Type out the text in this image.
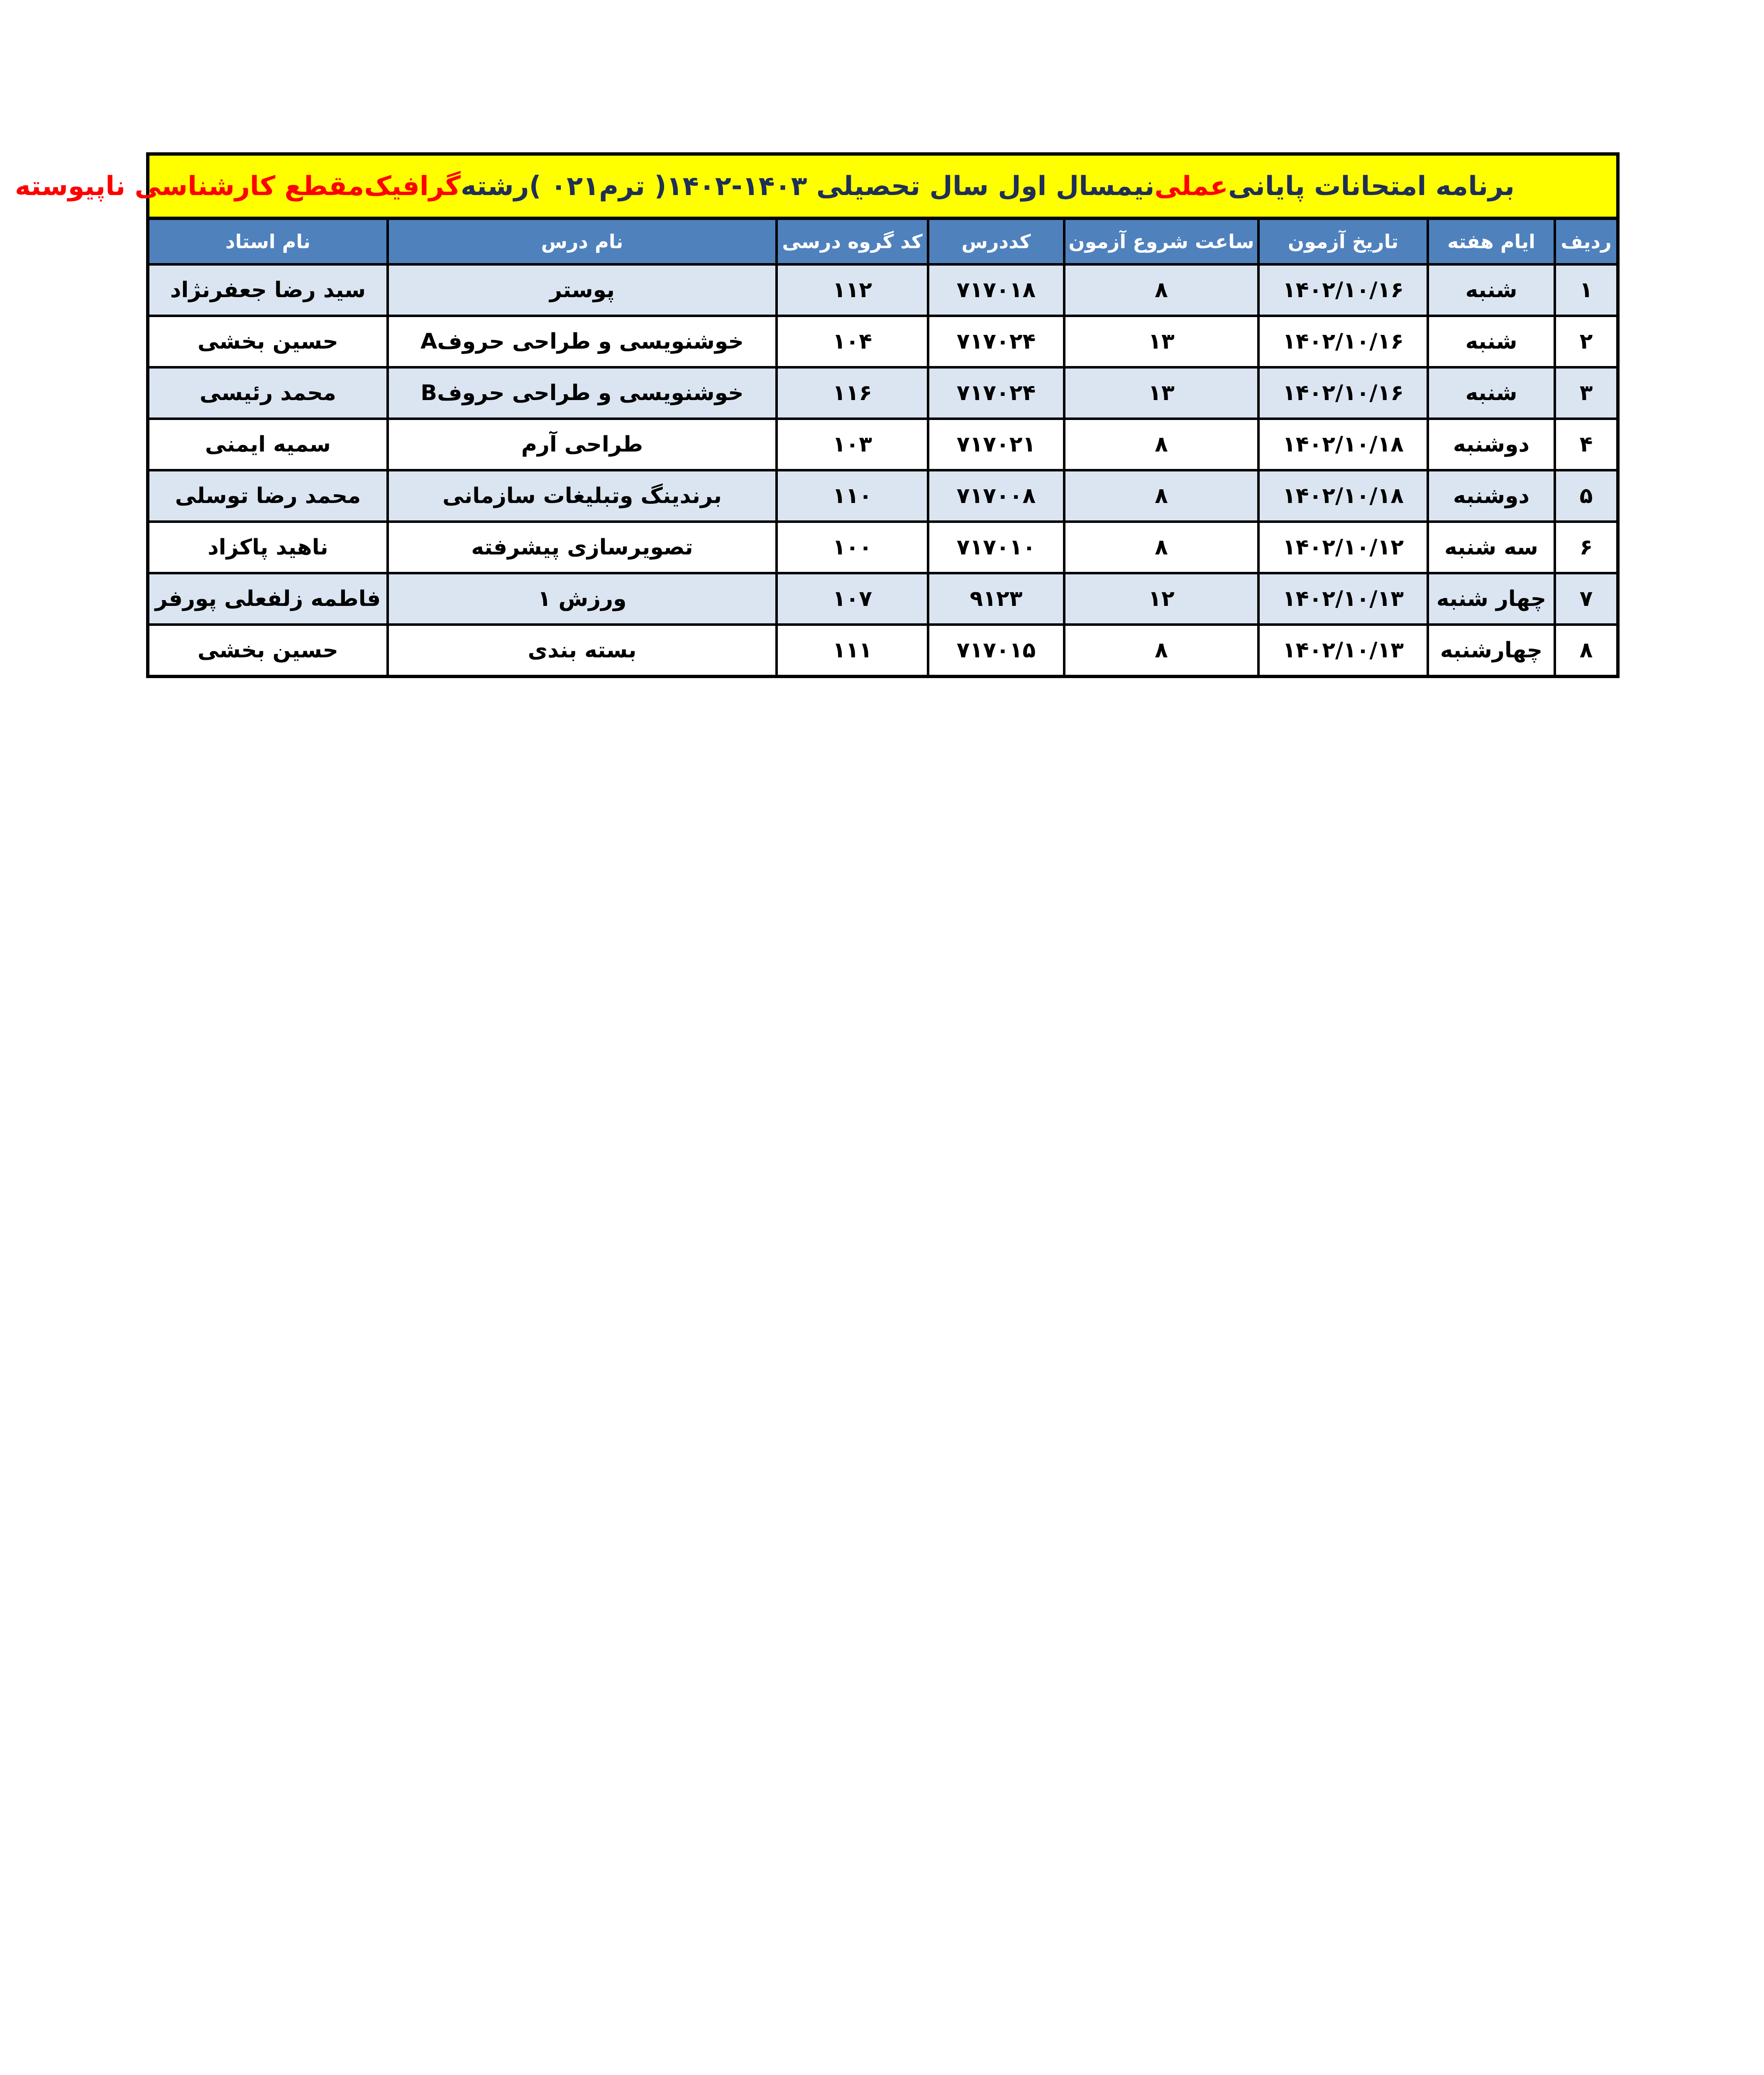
برنامه امتحانات پایانی
عملی
نیمسال اول سال تحصیلی ۱۴۰۳-۱۴۰۲
( ترم۰۲۱ )
رشته
گرافیک
مقطع کارشناسی ناپیوسته
ردیف	ایام هفته	تاریخ آزمون	ساعت شروع آزمون	کددرس	کد گروه درسی	نام درس	نام استاد
۱	شنبه	۱۴۰۲/۱۰/۱۶	۸	۷۱۷۰۱۸	۱۱۲	پوستر	سید رضا جعفرنژاد
۲	شنبه	۱۴۰۲/۱۰/۱۶	۱۳	۷۱۷۰۲۴	۱۰۴	خوشنویسی و طراحی حروفA	حسین بخشی
۳	شنبه	۱۴۰۲/۱۰/۱۶	۱۳	۷۱۷۰۲۴	۱۱۶	خوشنویسی و طراحی حروفB	محمد رئیسی
۴	دوشنبه	۱۴۰۲/۱۰/۱۸	۸	۷۱۷۰۲۱	۱۰۳	طراحی آرم	سمیه ایمنی
۵	دوشنبه	۱۴۰۲/۱۰/۱۸	۸	۷۱۷۰۰۸	۱۱۰	برندینگ وتبلیغات سازمانی	محمد رضا توسلی
۶	سه شنبه	۱۴۰۲/۱۰/۱۲	۸	۷۱۷۰۱۰	۱۰۰	تصویرسازی پیشرفته	ناهید پاکزاد
۷	چهار شنبه	۱۴۰۲/۱۰/۱۳	۱۲	۹۱۲۳	۱۰۷	ورزش ۱	فاطمه زلفعلی پورفر
۸	چهارشنبه	۱۴۰۲/۱۰/۱۳	۸	۷۱۷۰۱۵	۱۱۱	بسته بندی	حسین بخشی
